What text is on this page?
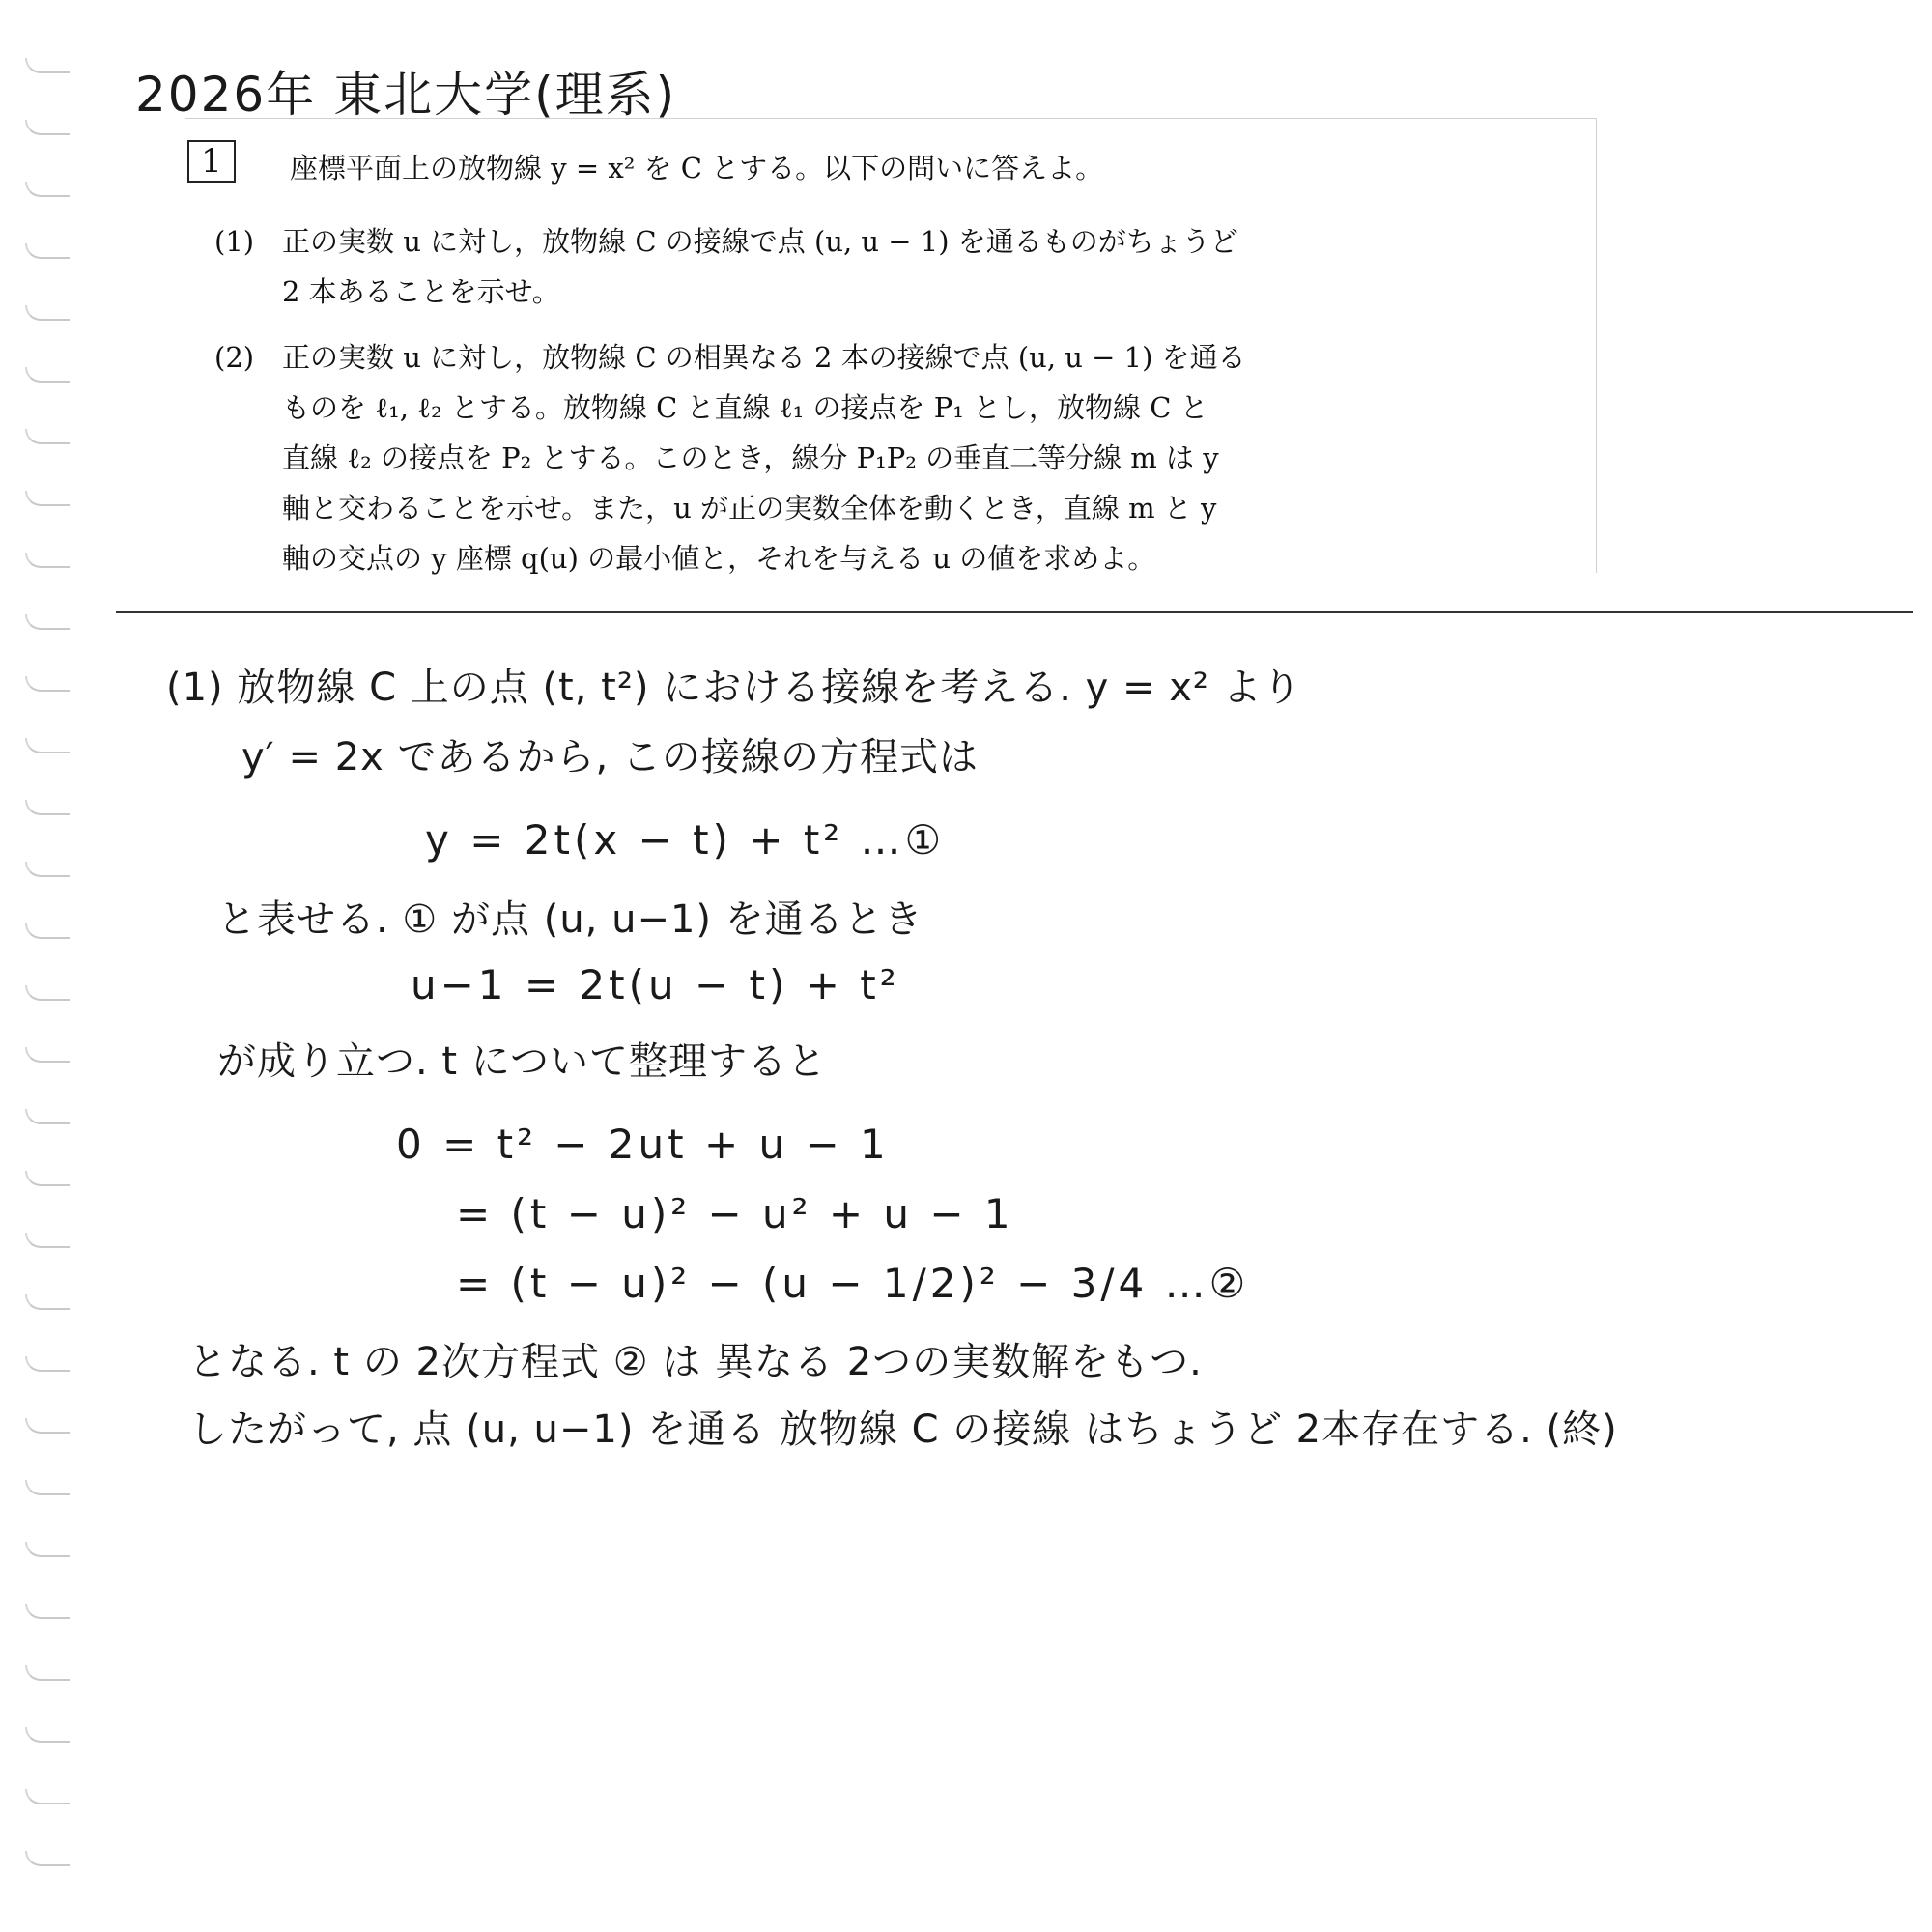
2026年 東北大学(理系)
1	座標平面上の放物線 y = x² を C とする。以下の問いに答えよ。
(1) 正の実数 u に対し，放物線 C の接線で点 (u, u − 1) を通るものがちょうど
2 本あることを示せ。
(2) 正の実数 u に対し，放物線 C の相異なる 2 本の接線で点 (u, u − 1) を通る
ものを ℓ₁, ℓ₂ とする。放物線 C と直線 ℓ₁ の接点を P₁ とし，放物線 C と
直線 ℓ₂ の接点を P₂ とする。このとき，線分 P₁P₂ の垂直二等分線 m は y
軸と交わることを示せ。また，u が正の実数全体を動くとき，直線 m と y
軸の交点の y 座標 q(u) の最小値と，それを与える u の値を求めよ。
(1) 放物線 C 上の点 (t, t²) における接線を考える. y = x² より
y′ = 2x であるから, この接線の方程式は
y = 2t(x − t) + t² …①
と表せる. ① が点 (u, u−1) を通るとき
u−1 = 2t(u − t) + t²
が成り立つ. t について整理すると
0 = t² − 2ut + u − 1
= (t − u)² − u² + u − 1
= (t − u)² − (u − 1/2)² − 3/4 …②
となる. t の 2次方程式 ② は 異なる 2つの実数解をもつ.
したがって, 点 (u, u−1) を通る 放物線 C の接線 はちょうど 2本存在する. (終)
